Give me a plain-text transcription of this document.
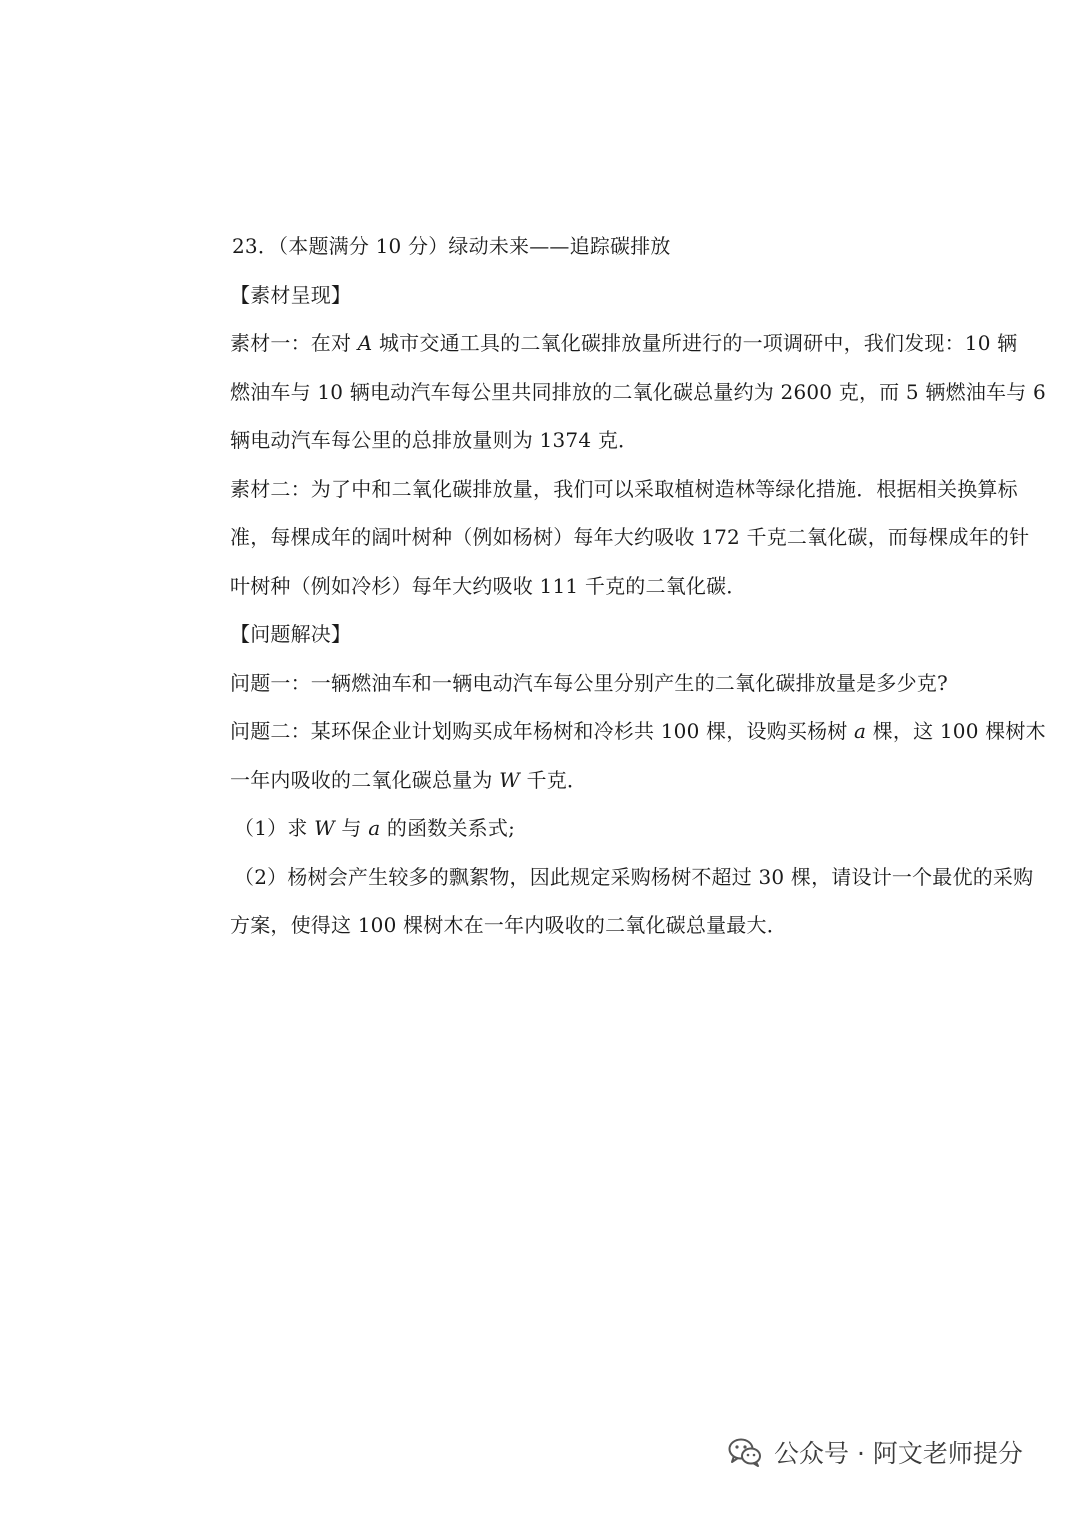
23．（本题满分 10 分）绿动未来——追踪碳排放
【素材呈现】
素材一：在对 A 城市交通工具的二氧化碳排放量所进行的一项调研中，我们发现：10 辆
燃油车与 10 辆电动汽车每公里共同排放的二氧化碳总量约为 2600 克，而 5 辆燃油车与 6
辆电动汽车每公里的总排放量则为 1374 克．
素材二：为了中和二氧化碳排放量，我们可以采取植树造林等绿化措施．根据相关换算标
准，每棵成年的阔叶树种（例如杨树）每年大约吸收 172 千克二氧化碳，而每棵成年的针
叶树种（例如冷杉）每年大约吸收 111 千克的二氧化碳．
【问题解决】
问题一：一辆燃油车和一辆电动汽车每公里分别产生的二氧化碳排放量是多少克?
问题二：某环保企业计划购买成年杨树和冷杉共 100 棵，设购买杨树 a 棵，这 100 棵树木
一年内吸收的二氧化碳总量为 W 千克．
（1）求 W 与 a 的函数关系式;
（2）杨树会产生较多的飘絮物，因此规定采购杨树不超过 30 棵，请设计一个最优的采购
方案，使得这 100 棵树木在一年内吸收的二氧化碳总量最大．
公众号 · 阿文老师提分
